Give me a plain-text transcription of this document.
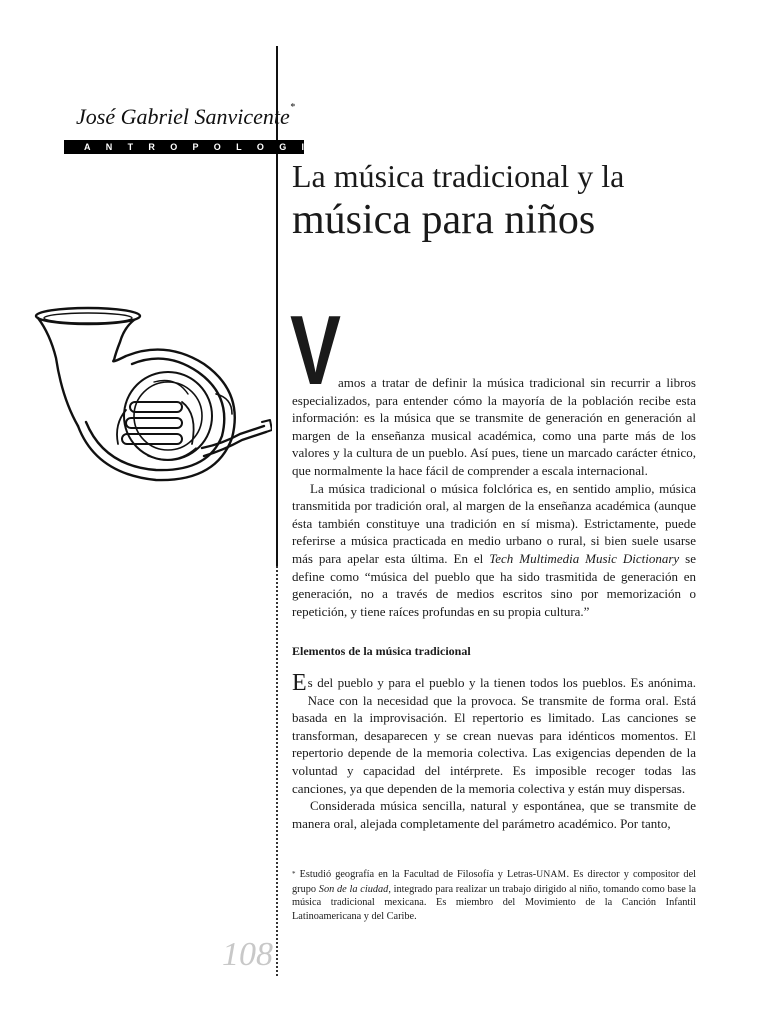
José Gabriel Sanvicente*
ANTROPOLOGIA
La música tradicional y la
música para niños
V

amos a tratar de definir la música tradicional sin recurrir a libros especializados, para entender cómo la mayoría de la población recibe esta información: es la música que se transmite de generación en generación al margen de la enseñanza musical académica, como una parte más de los valores y la cultura de un pueblo. Así pues, tiene un marcado carácter étnico, que normalmente la hace fácil de comprender a escala internacional.

La música tradicional o música folclórica es, en sentido amplio, música transmitida por tradición oral, al margen de la enseñanza académica (aunque ésta también constituye una tradición en sí misma). Estrictamente, puede referirse a música practicada en medio urbano o rural, si bien suele usarse más para apelar esta última. En el Tech Multimedia Music Dictionary se define como “música del pueblo que ha sido trasmitida de generación en generación, no a través de medios escritos sino por memorización o repetición, y tiene raíces profundas en su propia cultura.”

Elementos de la música tradicional

Es del pueblo y para el pueblo y la tienen todos los pueblos. Es anónima. Nace con la necesidad que la provoca. Se transmite de forma oral. Está basada en la improvisación. El repertorio es limitado. Las canciones se transforman, desaparecen y se crean nuevas para idénticos momentos. El repertorio depende de la memoria colectiva. Las exigencias dependen de la voluntad y capacidad del intérprete. Es imposible recoger todas las canciones, ya que dependen de la memoria colectiva y están muy dispersas.

Considerada música sencilla, natural y espontánea, que se transmite de manera oral, alejada completamente del parámetro académico. Por tanto,

* Estudió geografía en la Facultad de Filosofía y Letras-UNAM. Es director y compositor del grupo Son de la ciudad, integrado para realizar un trabajo dirigido al niño, tomando como base la música tradicional mexicana. Es miembro del Movimiento de la Canción Infantil Latinoamericana y del Caribe.
108
